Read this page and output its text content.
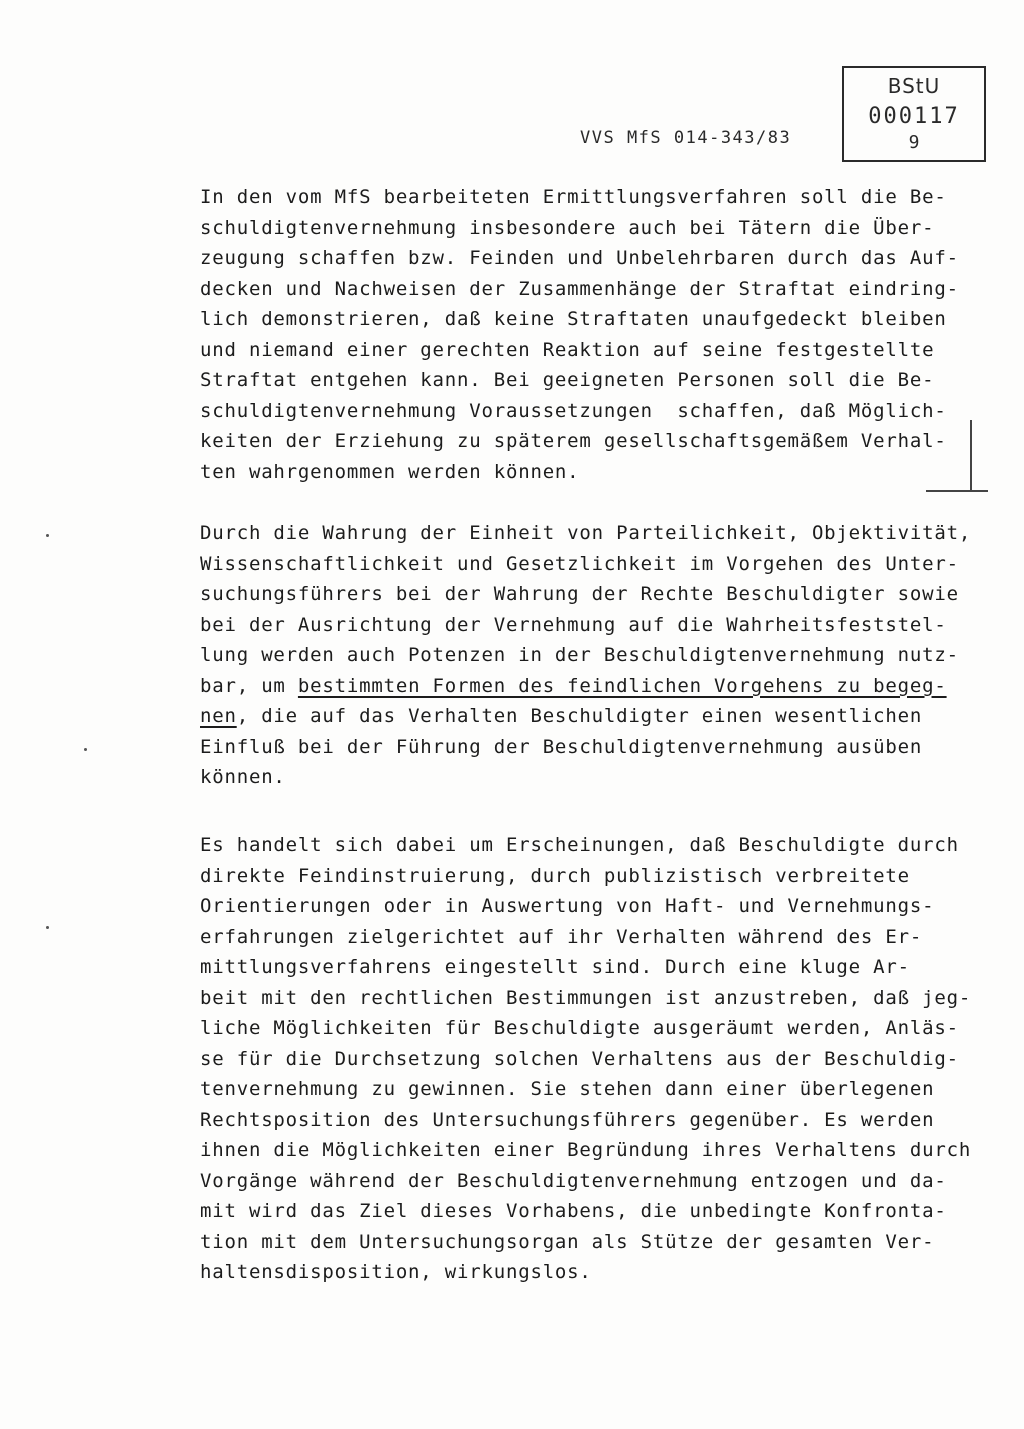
VVS MfS 014-343/83
BStU
000117
9
In den vom MfS bearbeiteten Ermittlungsverfahren soll die Be-
schuldigtenvernehmung insbesondere auch bei Tätern die Über-
zeugung schaffen bzw. Feinden und Unbelehrbaren durch das Auf-
decken und Nachweisen der Zusammenhänge der Straftat eindring-
lich demonstrieren, daß keine Straftaten unaufgedeckt bleiben
und niemand einer gerechten Reaktion auf seine festgestellte
Straftat entgehen kann. Bei geeigneten Personen soll die Be-
schuldigtenvernehmung Voraussetzungen  schaffen, daß Möglich-
keiten der Erziehung zu späterem gesellschaftsgemäßem Verhal-
ten wahrgenommen werden können.
Durch die Wahrung der Einheit von Parteilichkeit, Objektivität,
Wissenschaftlichkeit und Gesetzlichkeit im Vorgehen des Unter-
suchungsführers bei der Wahrung der Rechte Beschuldigter sowie
bei der Ausrichtung der Vernehmung auf die Wahrheitsfeststel-
lung werden auch Potenzen in der Beschuldigtenvernehmung nutz-
bar, um bestimmten Formen des feindlichen Vorgehens zu begeg-
nen, die auf das Verhalten Beschuldigter einen wesentlichen
Einfluß bei der Führung der Beschuldigtenvernehmung ausüben
können.
Es handelt sich dabei um Erscheinungen, daß Beschuldigte durch
direkte Feindinstruierung, durch publizistisch verbreitete
Orientierungen oder in Auswertung von Haft- und Vernehmungs-
erfahrungen zielgerichtet auf ihr Verhalten während des Er-
mittlungsverfahrens eingestellt sind. Durch eine kluge Ar-
beit mit den rechtlichen Bestimmungen ist anzustreben, daß jeg-
liche Möglichkeiten für Beschuldigte ausgeräumt werden, Anläs-
se für die Durchsetzung solchen Verhaltens aus der Beschuldig-
tenvernehmung zu gewinnen. Sie stehen dann einer überlegenen
Rechtsposition des Untersuchungsführers gegenüber. Es werden
ihnen die Möglichkeiten einer Begründung ihres Verhaltens durch
Vorgänge während der Beschuldigtenvernehmung entzogen und da-
mit wird das Ziel dieses Vorhabens, die unbedingte Konfronta-
tion mit dem Untersuchungsorgan als Stütze der gesamten Ver-
haltensdisposition, wirkungslos.
